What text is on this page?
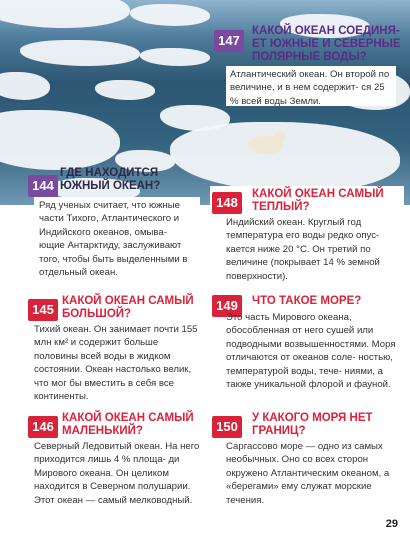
147
КАКОЙ ОКЕАН СОЕДИНЯ- ЕТ ЮЖНЫЕ И СЕВЕРНЫЕ ПОЛЯРНЫЕ ВОДЫ?
Атлантический океан. Он второй по величине, и в нем содержит- ся 25 % всей воды Земли.
144
ГДЕ НАХОДИТСЯ ЮЖНЫЙ ОКЕАН?
Ряд ученых считает, что южные части Тихого, Атлантического и Индийского океанов, омыва- ющие Антарктиду, заслуживают того, чтобы быть выделенными в отдельный океан.
148
КАКОЙ ОКЕАН САМЫЙ ТЕПЛЫЙ?
Индийский океан. Круглый год температура его воды редко опус- кается ниже 20 °С. Он третий по величине (покрывает 14 % земной поверхности).
145
КАКОЙ ОКЕАН САМЫЙ БОЛЬШОЙ?
Тихий океан. Он занимает почти 155 млн км² и содержит больше половины всей воды в жидком состоянии. Океан настолько велик, что мог бы вместить в себя все континенты.
149	ЧТО ТАКОЕ МОРЕ?
Это часть Мирового океана, обособленная от него сушей или подводными возвышенностями. Моря отличаются от океанов соле- ностью, температурой воды, тече- ниями, а также уникальной флорой и фауной.
146
КАКОЙ ОКЕАН САМЫЙ МАЛЕНЬКИЙ?
Северный Ледовитый океан. На него приходится лишь 4 % площа- ди Мирового океана. Он целиком находится в Северном полушарии. Этот океан — самый мелководный.
150
У КАКОГО МОРЯ НЕТ ГРАНИЦ?
Саргассово море — одно из самых необычных. Оно со всех сторон окружено Атлантическим океаном, а «берегами» ему служат морские течения.
29
